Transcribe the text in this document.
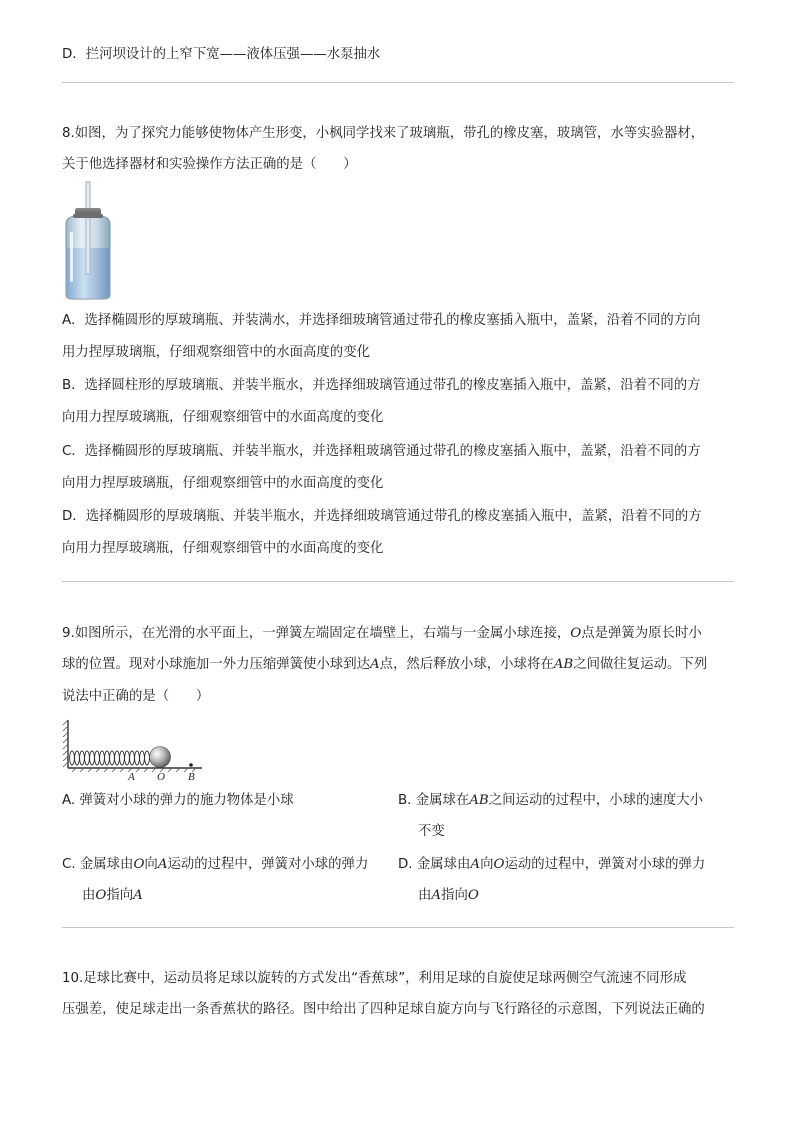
D．拦河坝设计的上窄下宽——液体压强——水泵抽水
8.如图，为了探究力能够使物体产生形变，小枫同学找来了玻璃瓶，带孔的橡皮塞，玻璃管，水等实验器材，
关于他选择器材和实验操作方法正确的是（　　）
A．选择椭圆形的厚玻璃瓶、并装满水，并选择细玻璃管通过带孔的橡皮塞插入瓶中，盖紧，沿着不同的方向
用力捏厚玻璃瓶，仔细观察细管中的水面高度的变化
B．选择圆柱形的厚玻璃瓶、并装半瓶水，并选择细玻璃管通过带孔的橡皮塞插入瓶中，盖紧，沿着不同的方
向用力捏厚玻璃瓶，仔细观察细管中的水面高度的变化
C．选择椭圆形的厚玻璃瓶、并装半瓶水，并选择粗玻璃管通过带孔的橡皮塞插入瓶中，盖紧，沿着不同的方
向用力捏厚玻璃瓶，仔细观察细管中的水面高度的变化
D．选择椭圆形的厚玻璃瓶、并装半瓶水，并选择细玻璃管通过带孔的橡皮塞插入瓶中，盖紧，沿着不同的方
向用力捏厚玻璃瓶，仔细观察细管中的水面高度的变化
9.如图所示，在光滑的水平面上，一弹簧左端固定在墙壁上，右端与一金属小球连接，O点是弹簧为原长时小
球的位置。现对小球施加一外力压缩弹簧使小球到达A点，然后释放小球，小球将在AB之间做往复运动。下列
说法中正确的是（　　）
A O B
A. 弹簧对小球的弹力的施力物体是小球	B. 金属球在AB之间运动的过程中，小球的速度大小
不变
C. 金属球由O向A运动的过程中，弹簧对小球的弹力
由O指向A
D. 金属球由A向O运动的过程中，弹簧对小球的弹力
由A指向O
10.足球比赛中，运动员将足球以旋转的方式发出“香蕉球”，利用足球的自旋使足球两侧空气流速不同形成
压强差，使足球走出一条香蕉状的路径。图中给出了四种足球自旋方向与飞行路径的示意图，下列说法正确的
